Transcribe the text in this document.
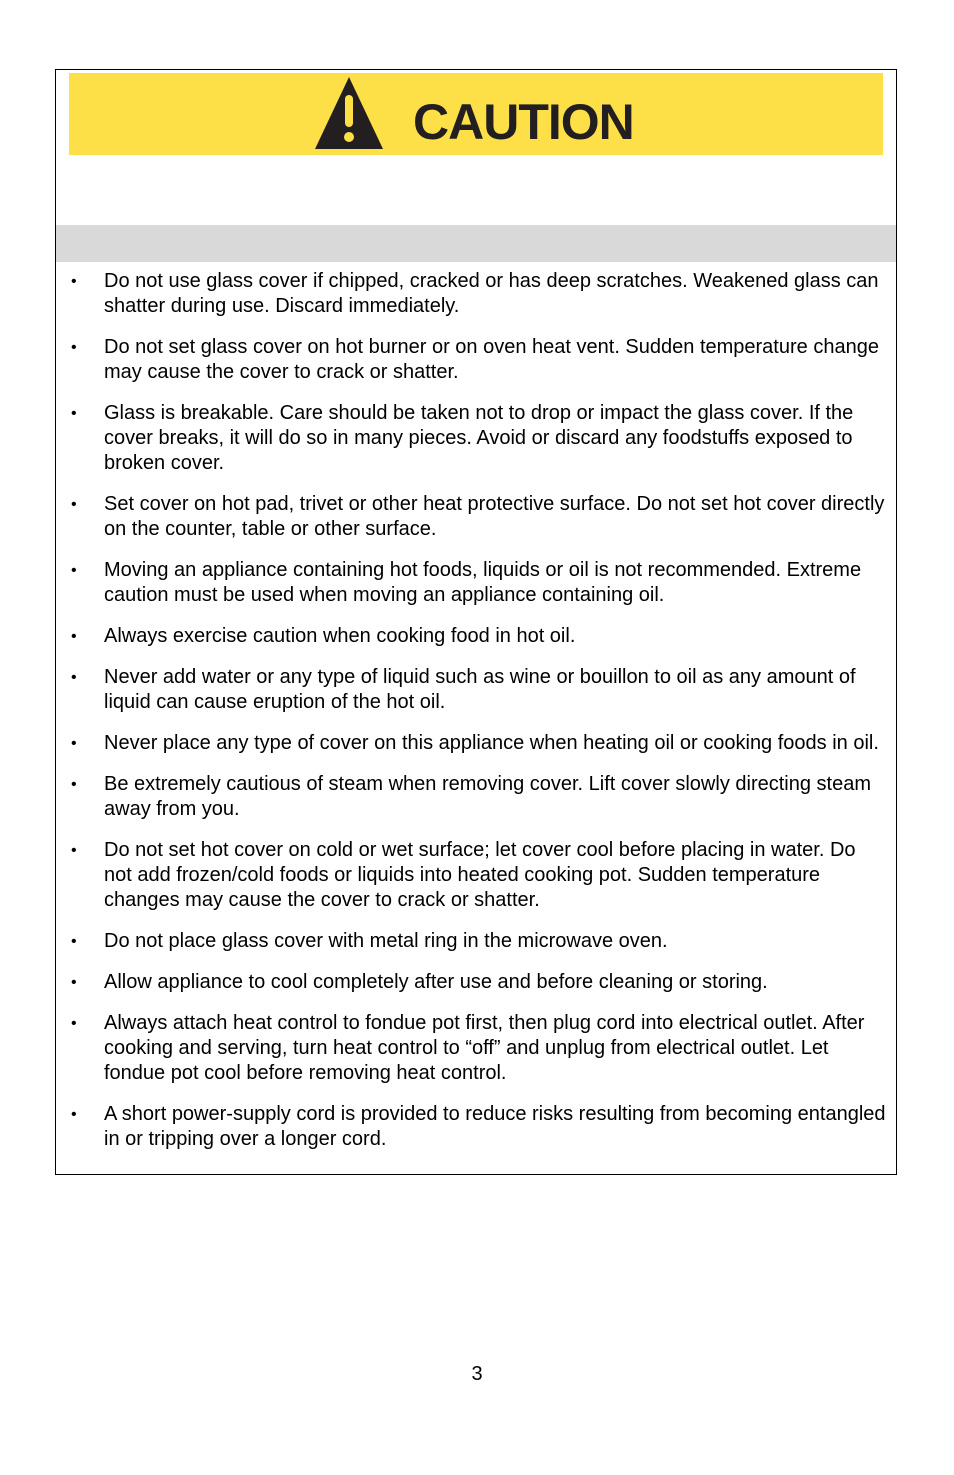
CAUTION
• Do not use glass cover if chipped, cracked or has deep scratches. Weakened glass can shatter during use. Discard immediately.
• Do not set glass cover on hot burner or on oven heat vent. Sudden temperature change may cause the cover to crack or shatter.
• Glass is breakable. Care should be taken not to drop or impact the glass cover. If the cover breaks, it will do so in many pieces. Avoid or discard any foodstuffs exposed to broken cover.
• Set cover on hot pad, trivet or other heat protective surface. Do not set hot cover directly on the counter, table or other surface.
• Moving an appliance containing hot foods, liquids or oil is not recommended. Extreme caution must be used when moving an appliance containing oil.
• Always exercise caution when cooking food in hot oil.
• Never add water or any type of liquid such as wine or bouillon to oil as any amount of liquid can cause eruption of the hot oil.
• Never place any type of cover on this appliance when heating oil or cooking foods in oil.
• Be extremely cautious of steam when removing cover. Lift cover slowly directing steam away from you.
• Do not set hot cover on cold or wet surface; let cover cool before placing in water. Do not add frozen/cold foods or liquids into heated cooking pot. Sudden temperature changes may cause the cover to crack or shatter.
• Do not place glass cover with metal ring in the microwave oven.
• Allow appliance to cool completely after use and before cleaning or storing.
• Always attach heat control to fondue pot first, then plug cord into electrical outlet. After cooking and serving, turn heat control to “off” and unplug from electrical outlet. Let fondue pot cool before removing heat control.
• A short power-supply cord is provided to reduce risks resulting from becoming entangled in or tripping over a longer cord.
3
